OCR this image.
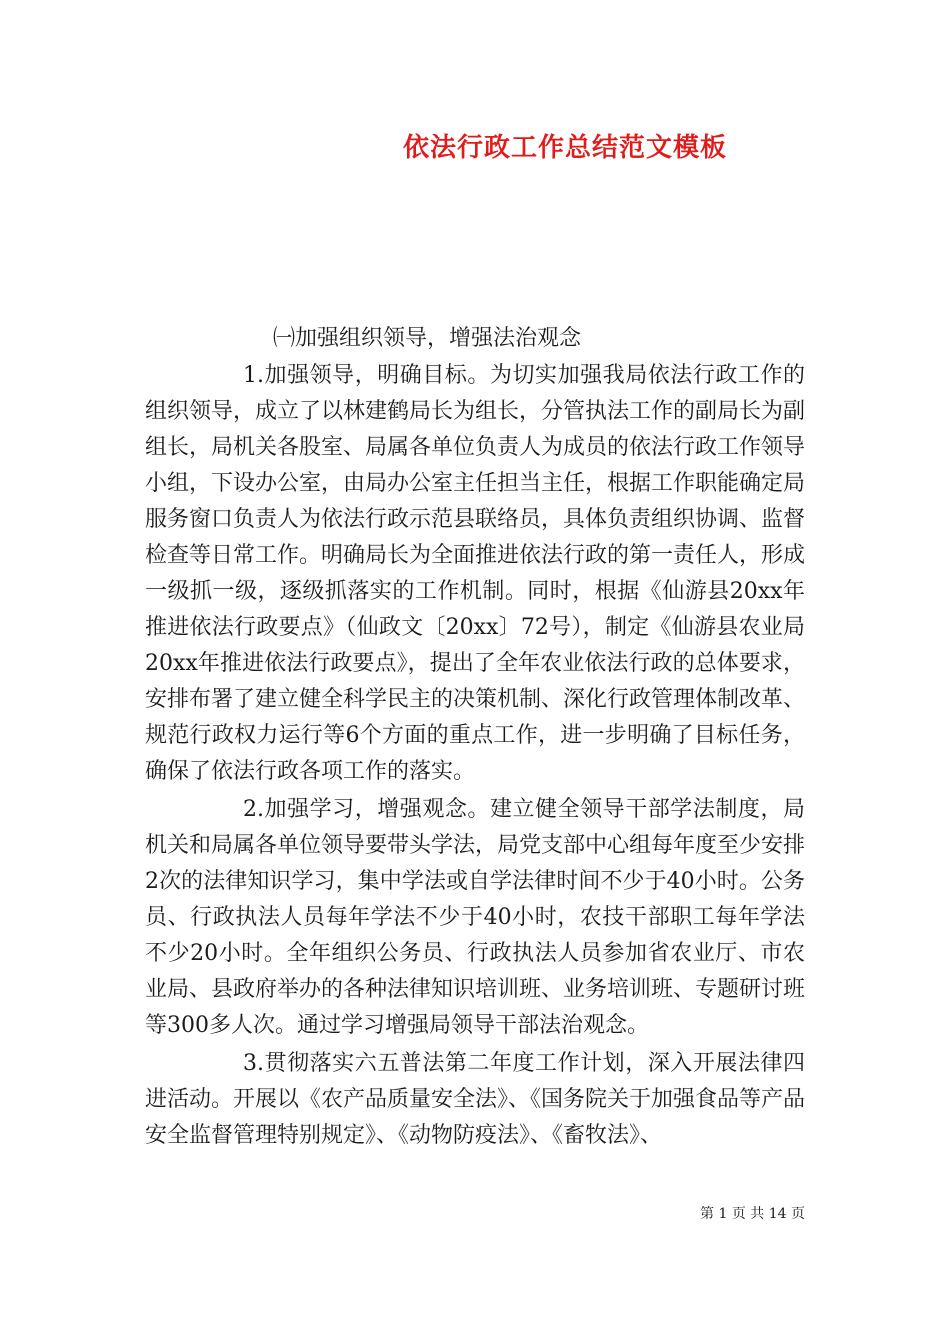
依法行政工作总结范文模板

㈠加强组织领导，增强法治观念

1.加强领导，明确目标。为切实加强我局依法行政工作的组织领导，成立了以林建鹤局长为组长，分管执法工作的副局长为副组长，局机关各股室、局属各单位负责人为成员的依法行政工作领导小组，下设办公室，由局办公室主任担当主任，根据工作职能确定局服务窗口负责人为依法行政示范县联络员，具体负责组织协调、监督检查等日常工作。明确局长为全面推进依法行政的第一责任人，形成一级抓一级，逐级抓落实的工作机制。同时，根据《仙游县20xx年推进依法行政要点》（仙政文〔20xx〕72号），制定《仙游县农业局20xx年推进依法行政要点》，提出了全年农业依法行政的总体要求，安排布署了建立健全科学民主的决策机制、深化行政管理体制改革、规范行政权力运行等6个方面的重点工作，进一步明确了目标任务，确保了依法行政各项工作的落实。

2.加强学习，增强观念。建立健全领导干部学法制度，局机关和局属各单位领导要带头学法，局党支部中心组每年度至少安排2次的法律知识学习，集中学法或自学法律时间不少于40小时。公务员、行政执法人员每年学法不少于40小时，农技干部职工每年学法不少20小时。全年组织公务员、行政执法人员参加省农业厅、市农业局、县政府举办的各种法律知识培训班、业务培训班、专题研讨班等300多人次。通过学习增强局领导干部法治观念。

3.贯彻落实六五普法第二年度工作计划，深入开展法律四进活动。开展以《农产品质量安全法》、《国务院关于加强食品等产品安全监督管理特别规定》、《动物防疫法》、《畜牧法》、

第 1 页 共 14 页
